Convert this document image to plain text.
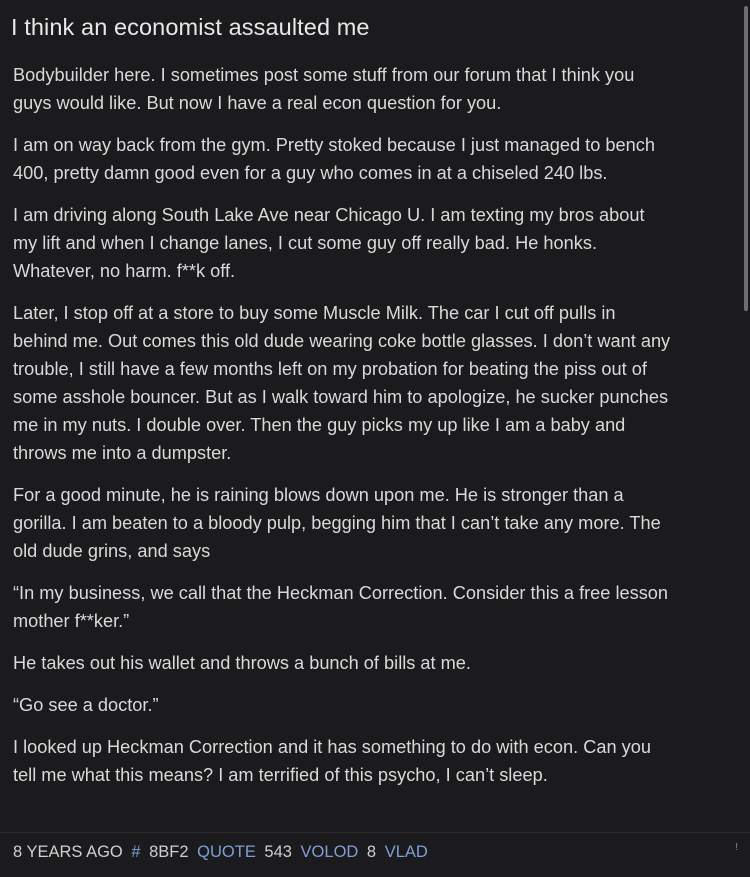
I think an economist assaulted me

Bodybuilder here. I sometimes post some stuff from our forum that I think you
guys would like. But now I have a real econ question for you.

I am on way back from the gym. Pretty stoked because I just managed to bench
400, pretty damn good even for a guy who comes in at a chiseled 240 lbs.

I am driving along South Lake Ave near Chicago U. I am texting my bros about
my lift and when I change lanes, I cut some guy off really bad. He honks.
Whatever, no harm. f**k off.

Later, I stop off at a store to buy some Muscle Milk. The car I cut off pulls in
behind me. Out comes this old dude wearing coke bottle glasses. I don’t want any
trouble, I still have a few months left on my probation for beating the piss out of
some asshole bouncer. But as I walk toward him to apologize, he sucker punches
me in my nuts. I double over. Then the guy picks my up like I am a baby and
throws me into a dumpster.

For a good minute, he is raining blows down upon me. He is stronger than a
gorilla. I am beaten to a bloody pulp, begging him that I can’t take any more. The
old dude grins, and says

“In my business, we call that the Heckman Correction. Consider this a free lesson
mother f**ker.”

He takes out his wallet and throws a bunch of bills at me.

“Go see a doctor.”

I looked up Heckman Correction and it has something to do with econ. Can you
tell me what this means? I am terrified of this psycho, I can’t sleep.

8 YEARS AGO # 8BF2 QUOTE 543 VOLOD 8 VLAD	!
